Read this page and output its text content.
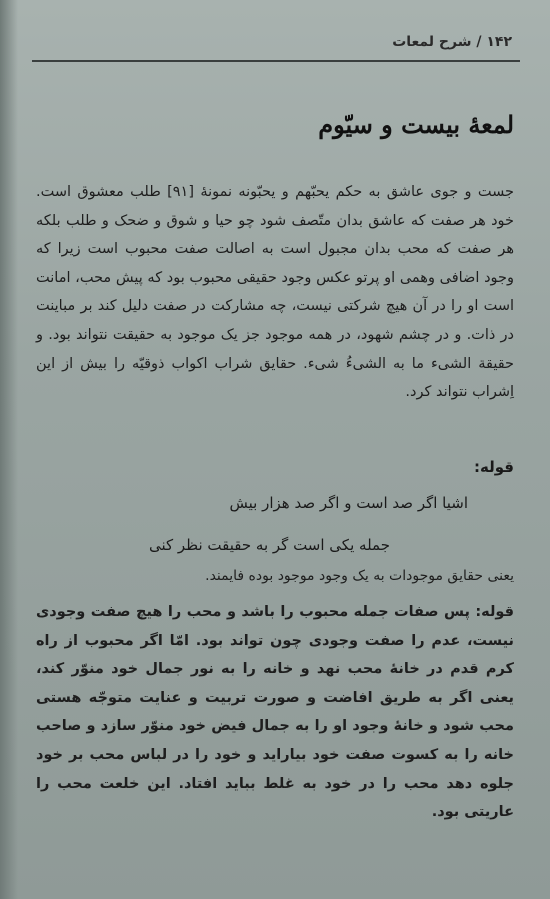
۱۴۲ / شرح لمعات
لمعهٔ بیست و سیّوم
جست و جوی عاشق به حکم یحبّهم و یحبّونه نمونهٔ [۹۱] طلب معشوق است. خود هر صفت که عاشق بدان متّصف شود چو حیا و شوق و ضحک و طلب بلکه هر صفت که محب بدان مجبول است به اصالت صفت محبوب است زیرا که وجود اضافی وهمی او پرتو عکس وجود حقیقی محبوب بود که پیش محب، امانت است او را در آن هیچ شرکتی نیست، چه مشارکت در صفت دلیل کند بر مباینت در ذات. و در چشم شهود، در همه موجود جز یک موجود به حقیقت نتواند بود. و حقیقة الشیء ما به الشیءُ شیء. حقایق شراب اکواب ذوقیّه را بیش از این اِشراب نتواند کرد.
قوله:
اشیا اگر صد است و اگر صد هزار بیش
جمله یکی است گر به حقیقت نظر کنی
یعنی حقایق موجودات به یک وجود موجود بوده فایمند.
قوله: پس صفات جمله محبوب را باشد و محب را هیچ صفت وجودی نیست، عدم را صفت وجودی چون تواند بود. امّا اگر محبوب از راه کرم قدم در خانهٔ محب نهد و خانه را به نور جمال خود منوّر کند، یعنی اگر به طریق افاضت و صورت تربیت و عنایت متوجّه هستی محب شود و خانهٔ وجود او را به جمال فیض خود منوّر سازد و صاحب خانه را به کسوت صفت خود بیاراید و خود را در لباس محب بر خود جلوه دهد محب را در خود به غلط بباید افتاد. این خلعت محب را عاریتی بود.
